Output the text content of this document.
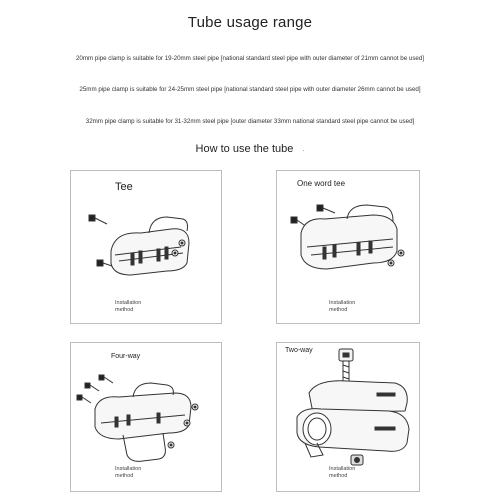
Tube usage range
20mm pipe clamp is suitable for 19-20mm steel pipe [national standard steel pipe with outer diameter of 21mm cannot be used]
25mm pipe clamp is suitable for 24-25mm steel pipe [national standard steel pipe with outer diameter 26mm cannot be used]
32mm pipe clamp is suitable for 31-32mm steel pipe [outer diameter 33mm national standard steel pipe cannot be used]
How to use the tube ·
Tee
Installation
method
One word tee
Installation
method
Four-way
Installation
method
Two-way
Installation
method
